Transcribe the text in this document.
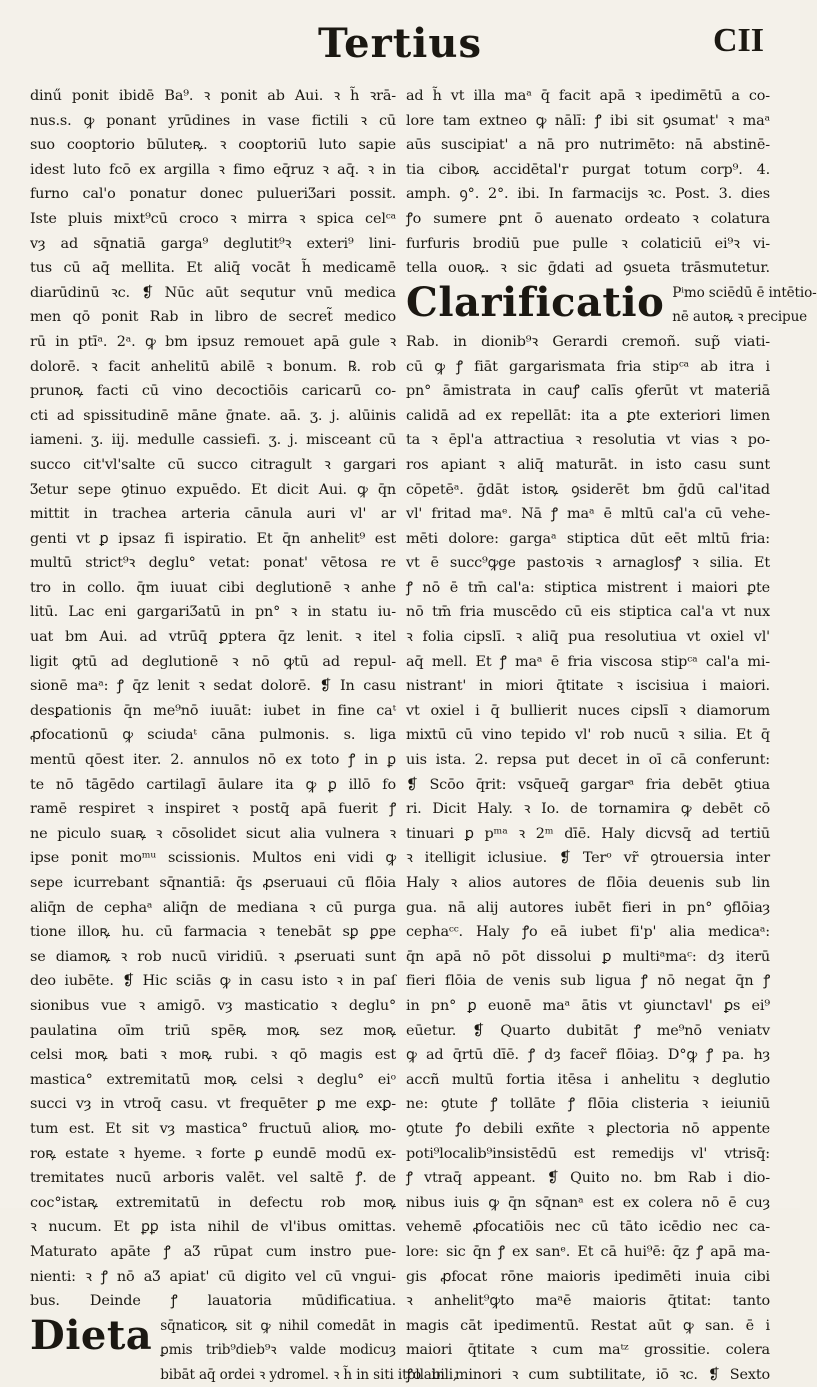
Tertius	CII
dinű ponit ibidē Ba⁹. ꝛ ponit ab Aui. ꝛ h̃ ꝛrā-
nus.s. ꝙ ponant yrūdines in vase fictili ꝛ cū
suo cooptorio būluteꝶ. ꝛ cooptoriū luto sapie
idest luto fcō ex argilla ꝛ fimo eq̄ruz ꝛ aq̄. ꝛ in
furno cal'o ponatur donec pulueriƷari possit.
Iste pluis mixt⁹cū croco ꝛ mirra ꝛ spica celᶜᵃ
vȝ ad sq̄natiā garga⁹ deglutit⁹ꝛ exteri⁹ lini-
tus cū aq̄ mellita. Et aliq̄ vocāt h̃ medicamē
diarūdinū ꝛc. ❡ Nūc aūt sequtur vnū medica
men qō ponit Rab in libro de secret̃ medico
rū in ptīᵃ. 2ᵃ. ꝙ bm ipsuz remouet apā gule ꝛ
dolorē. ꝛ facit anhelitū abilē ꝛ bonum. ℞. rob
prunoꝶ facti cū vino decoctiōis caricarū co-
cti ad spissitudinē māne ḡnate. aā. ʒ. j. alūinis
iameni. ʒ. iij. medulle cassiefi. ʒ. j. misceant cū
succo cit'vl'salte cū succo citragult ꝛ gargari
Ʒetur sepe ꝯtinuo expuēdo. Et dicit Aui. ꝙ q̄n
mittit in trachea arteria cānula auri vl' ar
genti vt ꝑ ipsaz fi ispiratio. Et q̄n anhelit⁹ est
multū strict⁹ꝛ deglu° vetat: ponat' vētosa re
tro in collo. q̄m iuuat cibi deglutionē ꝛ anhe
litū. Lac eni gargariƷatū in pn° ꝛ in statu iu-
uat bm Aui. ad vtrūq̄ ꝑptera q̄z lenit. ꝛ itel
ligit ꝙtū ad deglutionē ꝛ nō ꝙtū ad repul-
sionē maᵃ: ꝭ q̄z lenit ꝛ sedat dolorē. ❡ In casu
desꝑationis q̄n me⁹nō iuuāt: iubet in fine caᵗ
ꝓfocationū ꝙ sciudaᵗ cāna pulmonis. s. liga
mentū qōest iter. 2. annulos nō ex toto ꝭ in ꝑ
te nō tāgēdo cartilagī āulare ita ꝙ ꝑ illō fo
ramē respiret ꝛ inspiret ꝛ postq̄ apā fuerit ꝭ
ne piculo suaꝶ ꝛ cōsolidet sicut alia vulnera ꝛ
ipse ponit moᵐᵘ scissionis. Multos eni vidi ꝙ
sepe icurrebant sq̄nantiā: q̄s ꝓseruaui cū flōia
aliq̄n de cephaᵃ aliq̄n de mediana ꝛ cū purga
tione illoꝶ hu. cū farmacia ꝛ tenebāt sꝑ ꝑpe
se diamoꝶ ꝛ rob nucū viridiū. ꝛ ꝓseruati sunt
deo iubēte. ❡ Hic sciās ꝙ in casu isto ꝛ in paſ
sionibus vue ꝛ amigō. vȝ masticatio ꝛ deglu°
paulatina oīm triū spēꝶ moꝶ sez moꝶ
celsi moꝶ bati ꝛ moꝶ rubi. ꝛ qō magis est
mastica° extremitatū moꝶ celsi ꝛ deglu° eiᵒ
succi vȝ in vtroq̄ casu. vt frequēter ꝑ me exꝑ-
tum est. Et sit vȝ mastica° fructuū alioꝶ mo-
roꝶ estate ꝛ hyeme. ꝛ forte ꝑ eundē modū ex-
tremitates nucū arboris valēt. vel saltē ꝭ. de
coc°istaꝶ extremitatū in defectu rob moꝶ
ꝛ nucum. Et ꝑꝑ ista nihil de vl'ibus omittas.
Maturato apāte ꝭ aƷ rūpat cum instro pue-
nienti: ꝛ ꝭ nō aƷ apiat' cū digito vel cū vngui-
bus. Deinde ꝭ lauatoria mūdificatiua.
Dieta sq̄naticoꝶ sit ꝙ nihil comedāt in
ꝑmis trib⁹dieb⁹ꝛ valde modicuȝ
bibāt aq̄ ordei ꝛ ydromel. ꝛ h̃ in siti itollabili,
ad h̃ vt illa maᵃ q̄ facit apā ꝛ ipedimētū a co-
lore tam extneo ꝙ nālī: ꝭ ibi sit ꝯsumat' ꝛ maᵃ
aūs suscipiat' a nā pro nutrimēto: nā abstinē-
tia ciboꝶ accidētal'r purgat totum corp⁹. 4.
amph. ꝯ°. 2°. ibi. In farmacijs ꝛc. Post. 3. dies
ꝭo sumere ꝑnt ō auenato ordeato ꝛ colatura
furfuris brodiū pue pulle ꝛ colaticiū ei⁹ꝛ vi-
tella ouoꝶ. ꝛ sic ḡdati ad ꝯsueta trāsmutetur.
Clarificatio Pⁱmo sciēdū ē intētio-
nē autoꝶ ꝛ precipue
Rab. in dionib⁹ꝛ Gerardi cremoñ. sup̃ viati-
cū ꝙ ꝭ fiāt gargarismata fria stipᶜᵃ ab itra i
pn° āmistrata in cauꝭ calīs ꝯferūt vt materiā
calidā ad ex repellāt: ita a ꝑte exteriori limen
ta ꝛ ēpl'a attractiua ꝛ resolutia vt vias ꝛ po-
ros apiant ꝛ aliq̄ maturāt. in isto casu sunt
cōpetēᵃ. ḡdāt istoꝶ ꝯsiderēt bm ḡdū cal'itad
vl' fritad maᵉ. Nā ꝭ maᵃ ē mltū cal'a cū vehe-
mēti dolore: gargaᵃ stiptica dūt eēt mltū fria:
vt ē succ⁹ꝙge pastoꝛis ꝛ arnaglosꝭ ꝛ silia. Et
ꝭ nō ē tm̄ cal'a: stiptica mistrent i maiori ꝑte
nō tm̄ fria muscēdo cū eis stiptica cal'a vt nux
ꝛ folia cipslī. ꝛ aliq̄ pua resolutiua vt oxiel vl'
aq̄ mell. Et ꝭ maᵃ ē fria viscosa stipᶜᵃ cal'a mi-
nistrant' in miori q̄titate ꝛ iscisiua i maiori.
vt oxiel i q̄ bullierit nuces cipslī ꝛ diamorum
mixtū cū vino tepido vl' rob nucū ꝛ silia. Et q̄
uis ista. 2. repsa put decet in oī cā conferunt:
❡ Scōo q̄rit: vsq̄ueq̄ gargarᵃ fria debēt ꝯtiua
ri. Dicit Haly. ꝛ Io. de tornamira ꝙ debēt cō
tinuari ꝑ pᵐᵃ ꝛ 2ᵐ dīē. Haly dicvsq̄ ad tertiū
ꝛ itelligit iclusiue. ❡ Terᵒ vr̃ ꝯtrouersia inter
Haly ꝛ alios autores de flōia deuenis sub lin
gua. nā alij autores iubēt fieri in pn° ꝯflōiaȝ
cephaᶜᶜ. Haly ꝭo eā iubet fi'p' alia medicaᵃ:
q̄n apā nō pōt dissolui ꝑ multiᵃmaᶜ: dȝ iterū
fieri flōia de venis sub ligua ꝭ nō negat q̄n ꝭ
in pn° ꝑ euonē maᵃ ātis vt ꝯiunctavl' ꝑs ei⁹
eūetur. ❡ Quarto dubitāt ꝭ me⁹nō veniatv
ꝙ ad q̄rtū dīē. ꝭ dȝ facer̃ flōiaȝ. D°ꝙ ꝭ pa. hȝ
accñ multū fortia itēsa i anhelitu ꝛ deglutio
ne: ꝯtute ꝭ tollāte ꝭ flōia clisteria ꝛ ieiuniū
ꝯtute ꝭo debili exñte ꝛ ꝑlectoria nō appente
poti⁹localib⁹insistēdū est remedijs vl' vtrisq̄:
ꝭ vtraq̄ appeant. ❡ Quito no. bm Rab i dio-
nibus iuis ꝙ q̄n sq̄nanᵃ est ex colera nō ē cuȝ
vehemē ꝓfocatiōis nec cū tāto icēdio nec ca-
lore: sic q̄n ꝭ ex sanᵉ. Et cā hui⁹ē: q̄z ꝭ apā ma-
gis ꝓfocat rōne maioris ipedimēti inuia cibi
ꝛ anhelit⁹ꝙto maᵃē maioris q̄titat: tanto
magis cāt ipedimentū. Restat aūt ꝙ san. ē i
maiori q̄titate ꝛ cum maᵗᶻ grossitie. colera
ꝭo in minori ꝛ cum subtilitate, iō ꝛc. ❡ Sexto
